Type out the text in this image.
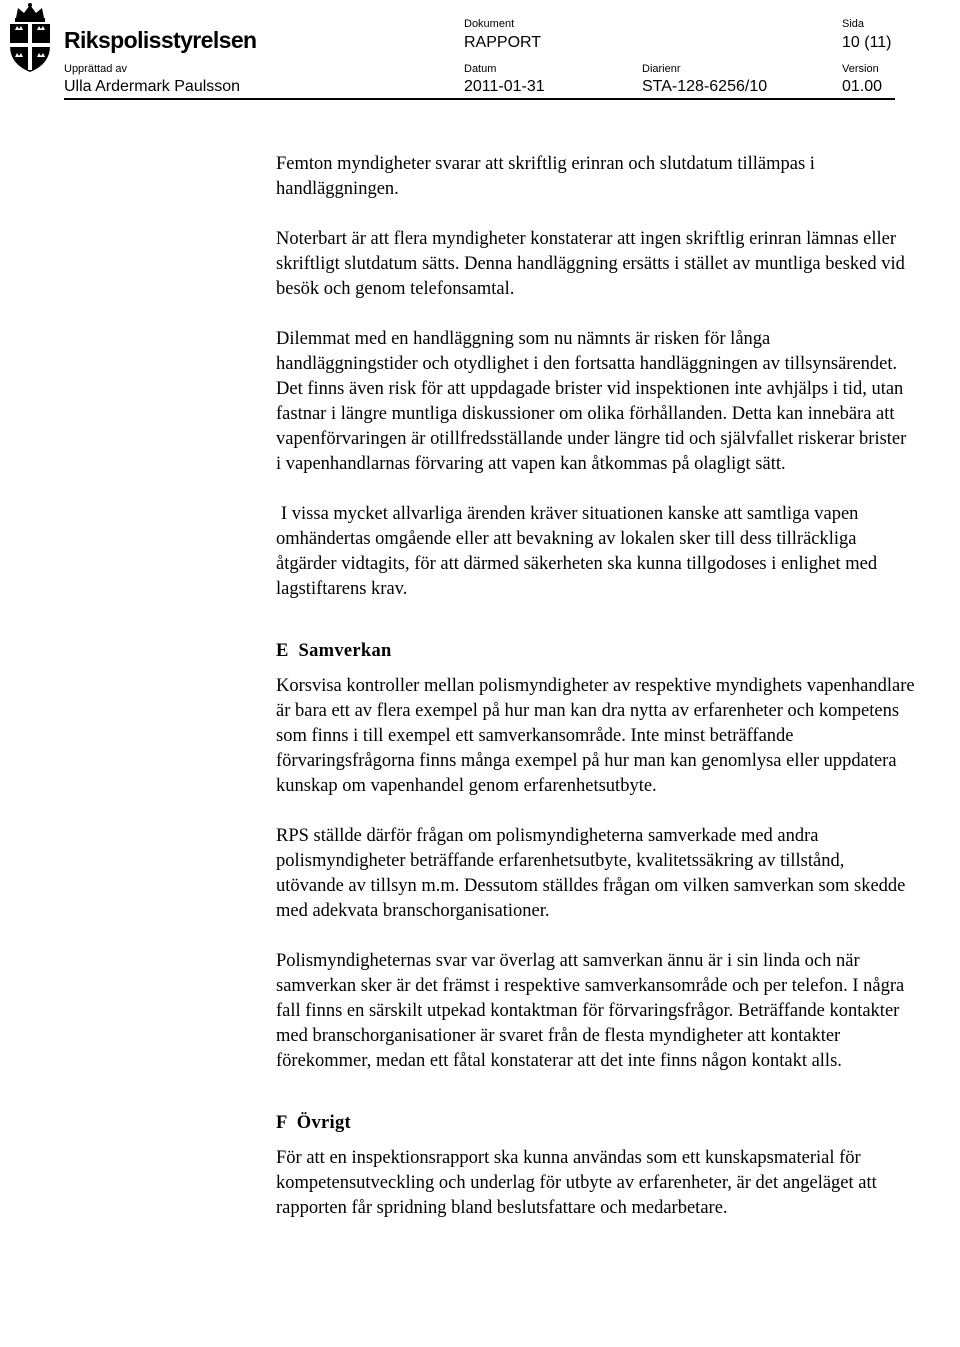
Rikspolisstyrelsen
Dokument
RAPPORT
Sida
10 (11)
Upprättad av
Ulla Ardermark Paulsson
Datum
2011-01-31
Diarienr
STA-128-6256/10
Version
01.00

Femton myndigheter svarar att skriftlig erinran och slutdatum tillämpas i handläggningen.

Noterbart är att flera myndigheter konstaterar att ingen skriftlig erinran lämnas eller skriftligt slutdatum sätts. Denna handläggning ersätts i stället av muntliga besked vid besök och genom telefonsamtal.

Dilemmat med en handläggning som nu nämnts är risken för långa handläggningstider och otydlighet i den fortsatta handläggningen av tillsynsärendet. Det finns även risk för att uppdagade brister vid inspektionen inte avhjälps i tid, utan fastnar i längre muntliga diskussioner om olika förhållanden. Detta kan innebära att vapenförvaringen är otillfredsställande under längre tid och självfallet riskerar brister i vapenhandlarnas förvaring att vapen kan åtkommas på olagligt sätt.

I vissa mycket allvarliga ärenden kräver situationen kanske att samtliga vapen omhändertas omgående eller att bevakning av lokalen sker till dess tillräckliga åtgärder vidtagits, för att därmed säkerheten ska kunna tillgodoses i enlighet med lagstiftarens krav.

E  Samverkan

Korsvisa kontroller mellan polismyndigheter av respektive myndighets vapenhandlare är bara ett av flera exempel på hur man kan dra nytta av erfarenheter och kompetens som finns i till exempel ett samverkansområde. Inte minst beträffande förvaringsfrågorna finns många exempel på hur man kan genomlysa eller uppdatera kunskap om vapenhandel genom erfarenhetsutbyte.

RPS ställde därför frågan om polismyndigheterna samverkade med andra polismyndigheter beträffande erfarenhetsutbyte, kvalitetssäkring av tillstånd, utövande av tillsyn m.m. Dessutom ställdes frågan om vilken samverkan som skedde med adekvata branschorganisationer.

Polismyndigheternas svar var överlag att samverkan ännu är i sin linda och när samverkan sker är det främst i respektive samverkansområde och per telefon. I några fall finns en särskilt utpekad kontaktman för förvaringsfrågor. Beträffande kontakter med branschorganisationer är svaret från de flesta myndigheter att kontakter förekommer, medan ett fåtal konstaterar att det inte finns någon kontakt alls.

F  Övrigt

För att en inspektionsrapport ska kunna användas som ett kunskapsmaterial för kompetensutveckling och underlag för utbyte av erfarenheter, är det angeläget att rapporten får spridning bland beslutsfattare och medarbetare.
